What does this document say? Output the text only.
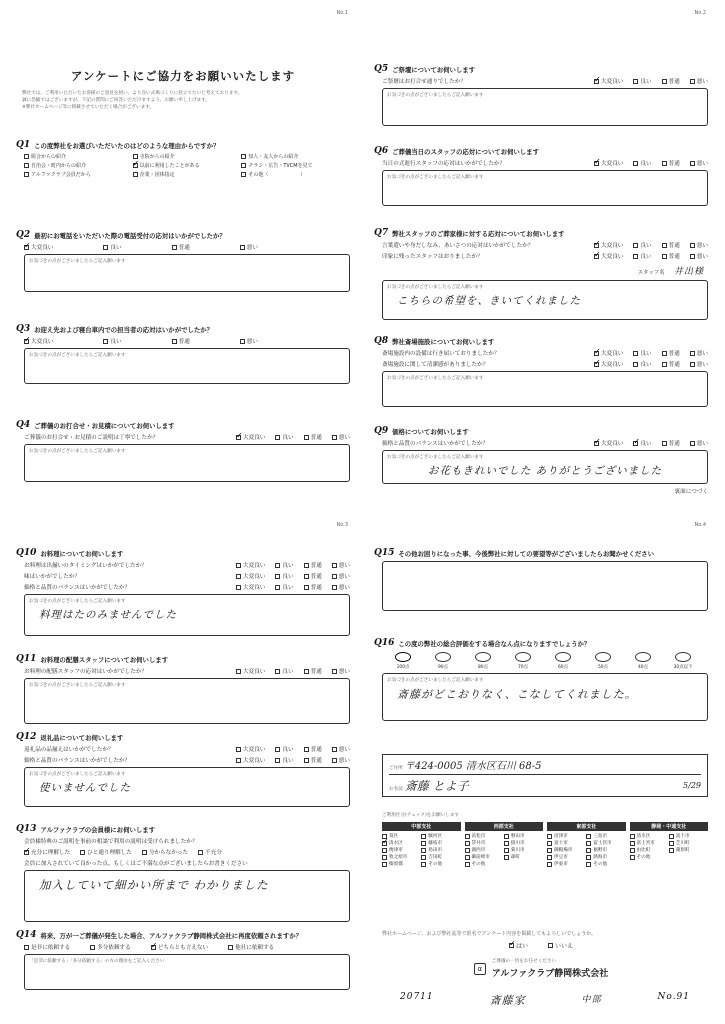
No.1
アンケートにご協力をお願いいたします
弊社では、ご利用いただいたお客様のご意見を伺い、より良い式場づくりに役立てたいと考えております。
誠に恐縮ではございますが、下記の質問にご回答いただけますよう、お願い申し上げます。
※弊社ホームページ等に掲載させていただく場合がございます。
Q1 この度弊社をお選びいただいたのはどのような理由からですか？
組合からの紹介	寺院からの紹介	知人・友人からの紹介
自治会・町内からの紹介 ✓	以前に利用したことがある	チラシ・広告・TVCMを見て
アルファクラブ会員だから	企業・団体指定	その他（	）
Q2 最初にお電話をいただいた際の電話受付の応対はいかがでしたか？
✓
大変良い	良い	普通	悪い
お気づきの点がございましたらご記入願います
Q3 お迎え先および寝台車内での担当者の応対はいかがでしたか？
✓
大変良い	良い	普通	悪い
お気づきの点がございましたらご記入願います
Q4 ご葬儀のお打合せ・お見積についてお伺いします
ご葬儀のお打合せ・お見積のご説明は丁寧でしたか？ ✓	大変良い	良い	普通	悪い
お気づきの点がございましたらご記入願います
No.2
Q5 ご祭壇についてお伺いします
ご祭壇はお打合せ通りでしたか？ ✓	大変良い	良い	普通	悪い
お気づきの点がございましたらご記入願います
Q6 ご葬儀当日のスタッフの応対についてお伺いします
当日の式進行スタッフの応対はいかがでしたか？ ✓	大変良い	良い	普通	悪い
お気づきの点がございましたらご記入願います
Q7 弊社スタッフのご葬家様に対する応対についてお伺いします
言葉遣いや身だしなみ、あいさつの応対はいかがでしたか？ ✓	大変良い	良い	普通	悪い
印象に残ったスタッフはおりましたか？ ✓	大変良い	良い	普通	悪い
スタッフ名　 井出様
お気づきの点がございましたらご記入願います
こちらの希望を、きいてくれました
Q8 弊社斎場施設についてお伺いします
斎場施設内の設備は行き届いておりましたか？ ✓	大変良い	良い	普通	悪い
斎場施設に関して清潔感がありましたか？ ✓	大変良い	良い	普通	悪い
お気づきの点がございましたらご記入願います
Q9 価格についてお伺いします
価格と品質のバランスはいかがでしたか？ ✓	大変良い ✓	良い	普通	悪い
お気づきの点がございましたらご記入願います
お花もきれいでした ありがとうございました
裏面につづく
No.3
Q10 お料理についてお伺いします
お料理は出揃いのタイミングはいかがでしたか？	大変良い	良い	普通	悪い
味はいかがでしたか？	大変良い	良い	普通	悪い
価格と品質のバランスはいかがでしたか？	大変良い	良い	普通	悪い
お気づきの点がございましたらご記入願います
料理はたのみませんでした
Q11 お料理の配膳スタッフについてお伺いします
お料理の配膳スタッフの応対はいかがでしたか？	大変良い	良い	普通	悪い
お気づきの点がございましたらご記入願います
Q12 返礼品についてお伺いします
返礼品の品揃えはいかがでしたか？	大変良い	良い	普通	悪い
価格と品質のバランスはいかがでしたか？	大変良い	良い	普通	悪い
お気づきの点がございましたらご記入願います
使いませんでした
Q13 アルファクラブの会員様にお伺いします
会員様特典のご説明を事前の相談で利用の説明は受けられましたか？
✓
充分に理解した	ひと通り理解した	分からなかった	不充分
会員に加入されていて良かった点、もしくはご不満な点がございましたらお書きください
加入していて細かい所まで わかりました
Q14 将来、万が一ご葬儀が発生した場合、アルファクラブ静岡株式会社に再度依頼されますか？
是非に依頼する	多分依頼する ✓	どちらとも言えない	他社に依頼する
「是非に依頼する」「多分依頼する」の方の理由をご記入ください
No.4
Q15 その他お困りになった事、今後弊社に対しての要望等がございましたらお聞かせください
Q16 この度の弊社の総合評価をする場合なん点になりますでしょうか？
100点	90点	80点	70点	60点	50点	40点	30点以下
お気づきの点がございましたらご記入願います
斎藤がどこおりなく、こなしてくれました。
ご住所 〒424-0005 清水区石川 68-5
お名前 斎藤 とよ子	5/29
ご利用区分(チェック)をお願いします
中部支社
葵区	駿河区
✓
清水区	藤枝市
焼津市	島田市
牧之原市	吉田町
榛原郡	その他
西部支社
浜松市	磐田市
袋井市	掛川市
湖西市	菊川市
御前崎市	森町
その他
東部支社
沼津市	三島市
富士市	富士宮市
御殿場市	裾野市
伊豆市	熱海市
伊東市	その他
静岡・中遠支社
清水区	富士市
富士宮市	芝川町
由比町	蒲原町
その他
弊社ホームページ、および弊社誌等で匿名でアンケート内容を掲載してもよろしいでしょうか。
✓
はい	いいえ
α
ご葬儀の一切をお任せください
アルファクラブ静岡株式会社
20711	斎藤家	中部	No.91
